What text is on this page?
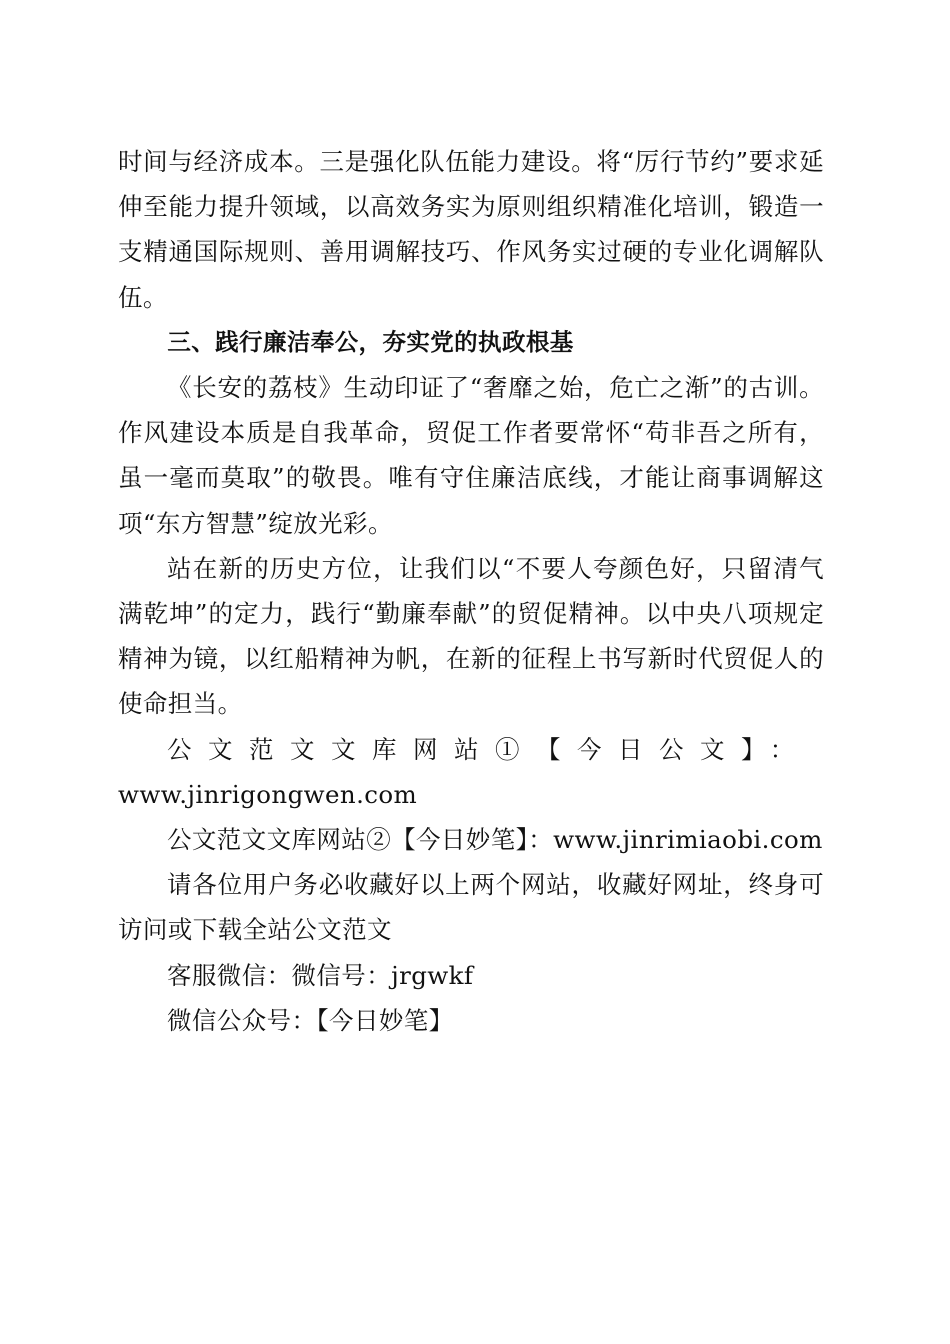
时间与经济成本。三是强化队伍能力建设。将“厉行节约”要求延伸至能力提升领域，以高效务实为原则组织精准化培训，锻造一支精通国际规则、善用调解技巧、作风务实过硬的专业化调解队伍。

三、践行廉洁奉公，夯实党的执政根基

《长安的荔枝》生动印证了“奢靡之始，危亡之渐”的古训。作风建设本质是自我革命，贸促工作者要常怀“苟非吾之所有，虽一毫而莫取”的敬畏。唯有守住廉洁底线，才能让商事调解这项“东方智慧”绽放光彩。

站在新的历史方位，让我们以“不要人夸颜色好，只留清气满乾坤”的定力，践行“勤廉奉献”的贸促精神。以中央八项规定精神为镜，以红船精神为帆，在新的征程上书写新时代贸促人的使命担当。

公文范文文库网站①【今日公文】：

www.jinrigongwen.com

公文范文文库网站②【今日妙笔】：www.jinrimiaobi.com

请各位用户务必收藏好以上两个网站，收藏好网址，终身可访问或下载全站公文范文

客服微信：微信号：jrgwkf

微信公众号：【今日妙笔】
